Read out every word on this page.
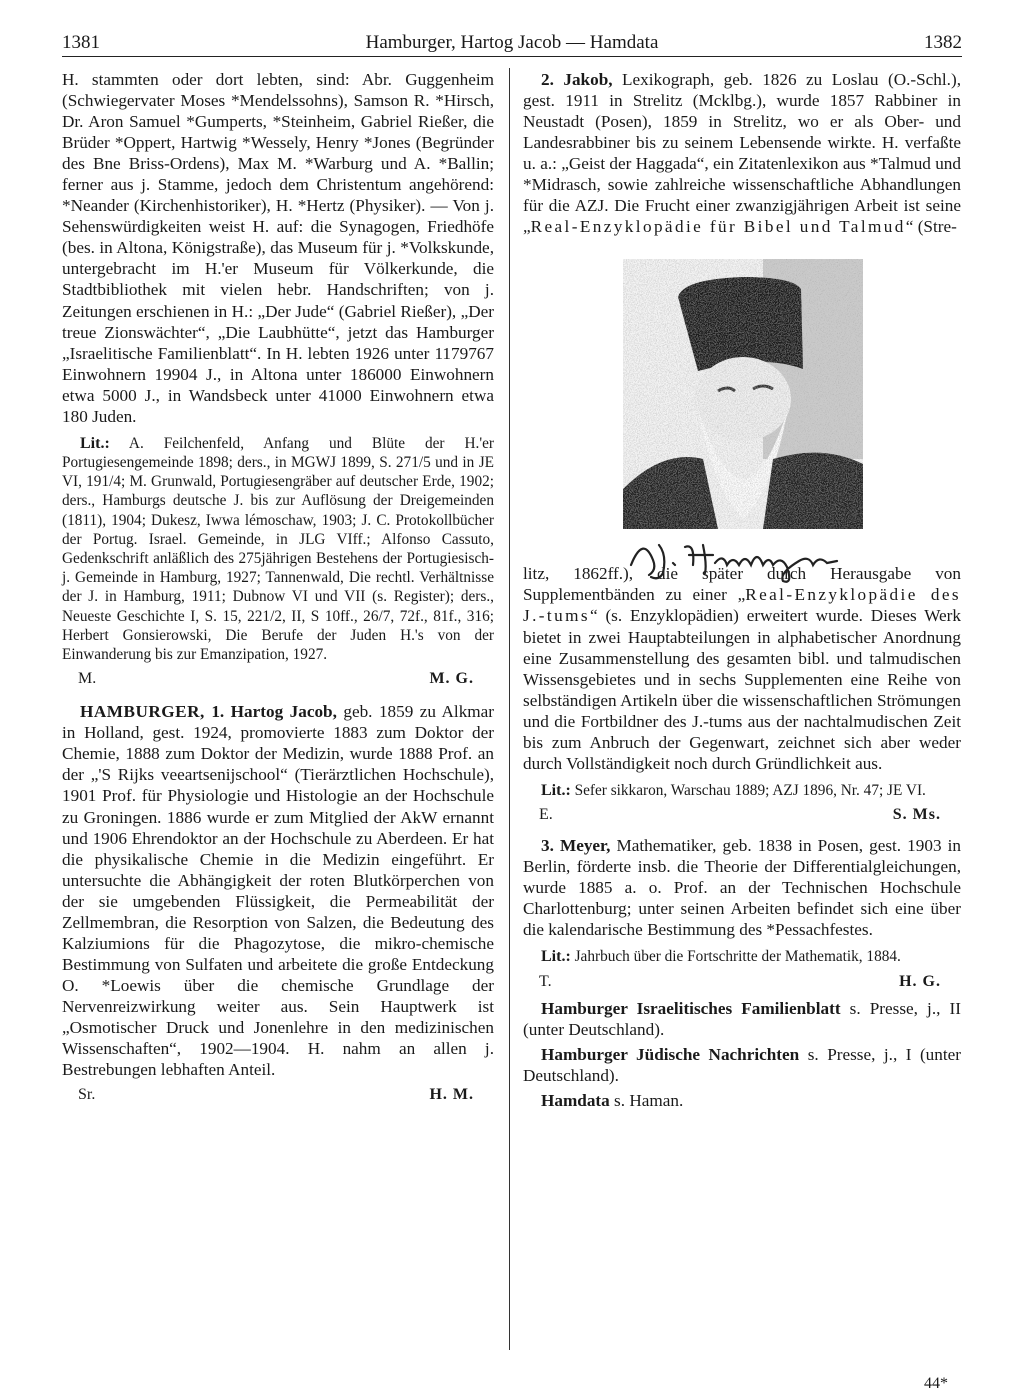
1381	Hamburger, Hartog Jacob — Hamdata	1382

H. stammten oder dort lebten, sind: Abr. Guggenheim (Schwiegervater Moses *Mendelssohns), Samson R. *Hirsch, Dr. Aron Samuel *Gumperts, *Steinheim, Gabriel Rießer, die Brüder *Oppert, Hartwig *Wessely, Henry *Jones (Begründer des Bne Briss-Ordens), Max M. *Warburg und A. *Ballin; ferner aus j. Stamme, jedoch dem Christentum angehörend: *Neander (Kirchenhistoriker), H. *Hertz (Physiker). — Von j. Sehenswürdigkeiten weist H. auf: die Synagogen, Friedhöfe (bes. in Altona, Königstraße), das Museum für j. *Volkskunde, untergebracht im H.'er Museum für Völkerkunde, die Stadtbibliothek mit vielen hebr. Handschriften; von j. Zeitungen erschienen in H.: „Der Jude“ (Gabriel Rießer), „Der treue Zionswächter“, „Die Laubhütte“, jetzt das Hamburger „Israelitische Familienblatt“. In H. lebten 1926 unter 1179767 Einwohnern 19904 J., in Altona unter 186000 Einwohnern etwa 5000 J., in Wandsbeck unter 41000 Einwohnern etwa 180 Juden.

Lit.: A. Feilchenfeld, Anfang und Blüte der H.'er Portugiesengemeinde 1898; ders., in MGWJ 1899, S. 271/5 und in JE VI, 191/4; M. Grunwald, Portugiesengräber auf deutscher Erde, 1902; ders., Hamburgs deutsche J. bis zur Auflösung der Dreigemeinden (1811), 1904; Dukesz, Iwwa lémoschaw, 1903; J. C. Protokollbücher der Portug. Israel. Gemeinde, in JLG VIff.; Alfonso Cassuto, Gedenkschrift anläßlich des 275jährigen Bestehens der Portugiesisch-j. Gemeinde in Hamburg, 1927; Tannenwald, Die rechtl. Verhältnisse der J. in Hamburg, 1911; Dubnow VI und VII (s. Register); ders., Neueste Geschichte I, S. 15, 221/2, II, S 10ff., 26/7, 72f., 81f., 316; Herbert Gonsierowski, Die Berufe der Juden H.'s von der Einwanderung bis zur Emanzipation, 1927.

M.	M. G.

HAMBURGER, 1. Hartog Jacob, geb. 1859 zu Alkmar in Holland, gest. 1924, promovierte 1883 zum Doktor der Chemie, 1888 zum Doktor der Medizin, wurde 1888 Prof. an der „'S Rijks veeartsenijschool“ (Tierärztlichen Hochschule), 1901 Prof. für Physiologie und Histologie an der Hochschule zu Groningen. 1886 wurde er zum Mitglied der AkW ernannt und 1906 Ehrendoktor an der Hochschule zu Aberdeen. Er hat die physikalische Chemie in die Medizin eingeführt. Er untersuchte die Abhängigkeit der roten Blutkörperchen von der sie umgebenden Flüssigkeit, die Permeabilität der Zellmembran, die Resorption von Salzen, die Bedeutung des Kalziumions für die Phagozytose, die mikro-chemische Bestimmung von Sulfaten und arbeitete die große Entdeckung O. *Loewis über die chemische Grundlage der Nervenreizwirkung weiter aus. Sein Hauptwerk ist „Osmotischer Druck und Jonenlehre in den medizinischen Wissenschaften“, 1902—1904. H. nahm an allen j. Bestrebungen lebhaften Anteil.

Sr.	H. M.

2. Jakob, Lexikograph, geb. 1826 zu Loslau (O.-Schl.), gest. 1911 in Strelitz (Mcklbg.), wurde 1857 Rabbiner in Neustadt (Posen), 1859 in Strelitz, wo er als Ober- und Landesrabbiner bis zu seinem Lebensende wirkte. H. verfaßte u. a.: „Geist der Haggada“, ein Zitatenlexikon aus *Talmud und *Midrasch, sowie zahlreiche wissenschaftliche Abhandlungen für die AZJ. Die Frucht einer zwanzigjährigen Arbeit ist seine „Real-Enzyklopädie für Bibel und Talmud“ (Stre-

litz, 1862ff.), die später durch Herausgabe von Supplementbänden zu einer „Real-Enzyklopädie des J.-tums“ (s. Enzyklopädien) erweitert wurde. Dieses Werk bietet in zwei Hauptabteilungen in alphabetischer Anordnung eine Zusammenstellung des gesamten bibl. und talmudischen Wissensgebietes und in sechs Supplementen eine Reihe von selbständigen Artikeln über die wissenschaftlichen Strömungen und die Fortbildner des J.-tums aus der nachtalmudischen Zeit bis zum Anbruch der Gegenwart, zeichnet sich aber weder durch Vollständigkeit noch durch Gründlichkeit aus.

Lit.: Sefer sikkaron, Warschau 1889; AZJ 1896, Nr. 47; JE VI.

E.	S. Ms.

3. Meyer, Mathematiker, geb. 1838 in Posen, gest. 1903 in Berlin, förderte insb. die Theorie der Differentialgleichungen, wurde 1885 a. o. Prof. an der Technischen Hochschule Charlottenburg; unter seinen Arbeiten befindet sich eine über die kalendarische Bestimmung des *Pessachfestes.

Lit.: Jahrbuch über die Fortschritte der Mathematik, 1884.

T.	H. G.

Hamburger Israelitisches Familienblatt s. Presse, j., II (unter Deutschland).

Hamburger Jüdische Nachrichten s. Presse, j., I (unter Deutschland).

Hamdata s. Haman.

44*
